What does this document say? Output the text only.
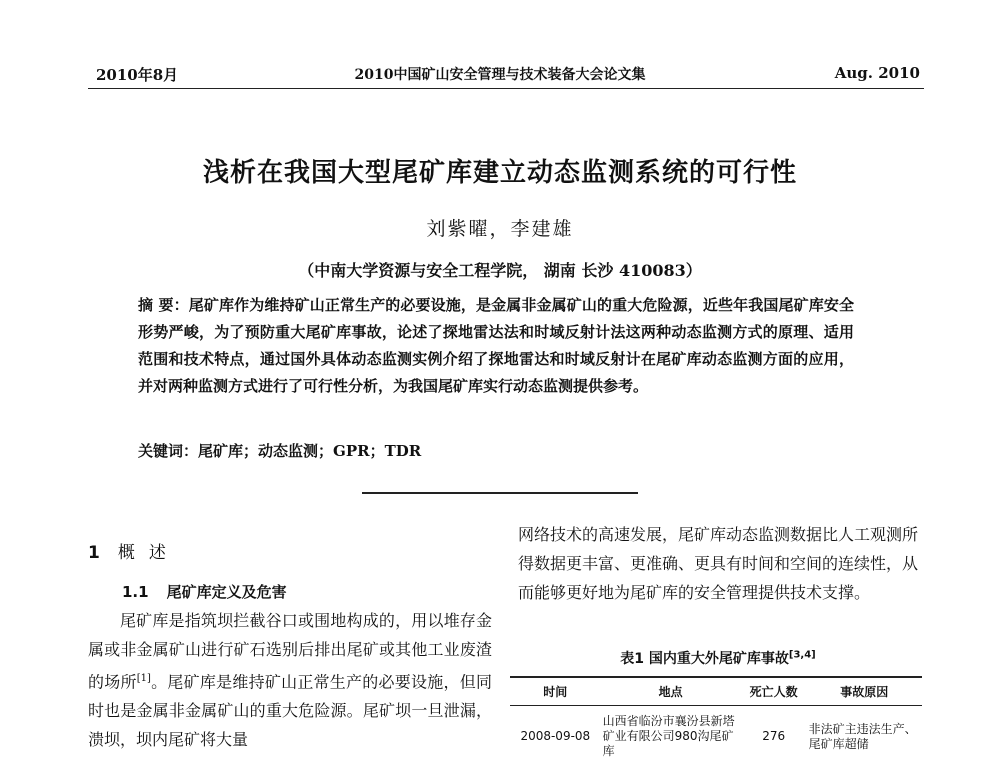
2010年8月	2010中国矿山安全管理与技术装备大会论文集	Aug. 2010
浅析在我国大型尾矿库建立动态监测系统的可行性
刘紫曜，李建雄
（中南大学资源与安全工程学院， 湖南 长沙 410083）
摘 要：尾矿库作为维持矿山正常生产的必要设施，是金属非金属矿山的重大危险源，近些年我国尾矿库安全形势严峻，为了预防重大尾矿库事故，论述了探地雷达法和时域反射计法这两种动态监测方式的原理、适用范围和技术特点，通过国外具体动态监测实例介绍了探地雷达和时域反射计在尾矿库动态监测方面的应用，并对两种监测方式进行了可行性分析，为我国尾矿库实行动态监测提供参考。
关键词：尾矿库；动态监测；GPR；TDR
1 概述
1.1 尾矿库定义及危害
尾矿库是指筑坝拦截谷口或围地构成的，用以堆存金属或非金属矿山进行矿石选别后排出尾矿或其他工业废渣的场所[1]。尾矿库是维持矿山正常生产的必要设施，但同时也是金属非金属矿山的重大危险源。尾矿坝一旦泄漏，溃坝，坝内尾矿将大量
网络技术的高速发展，尾矿库动态监测数据比人工观测所得数据更丰富、更准确、更具有时间和空间的连续性，从而能够更好地为尾矿库的安全管理提供技术支撑。
表1 国内重大外尾矿库事故[3,4]
时间	地点	死亡人数	事故原因
2008-09-08	山西省临汾市襄汾县新塔矿业有限公司980沟尾矿库	276	非法矿主违法生产、尾矿库超储
